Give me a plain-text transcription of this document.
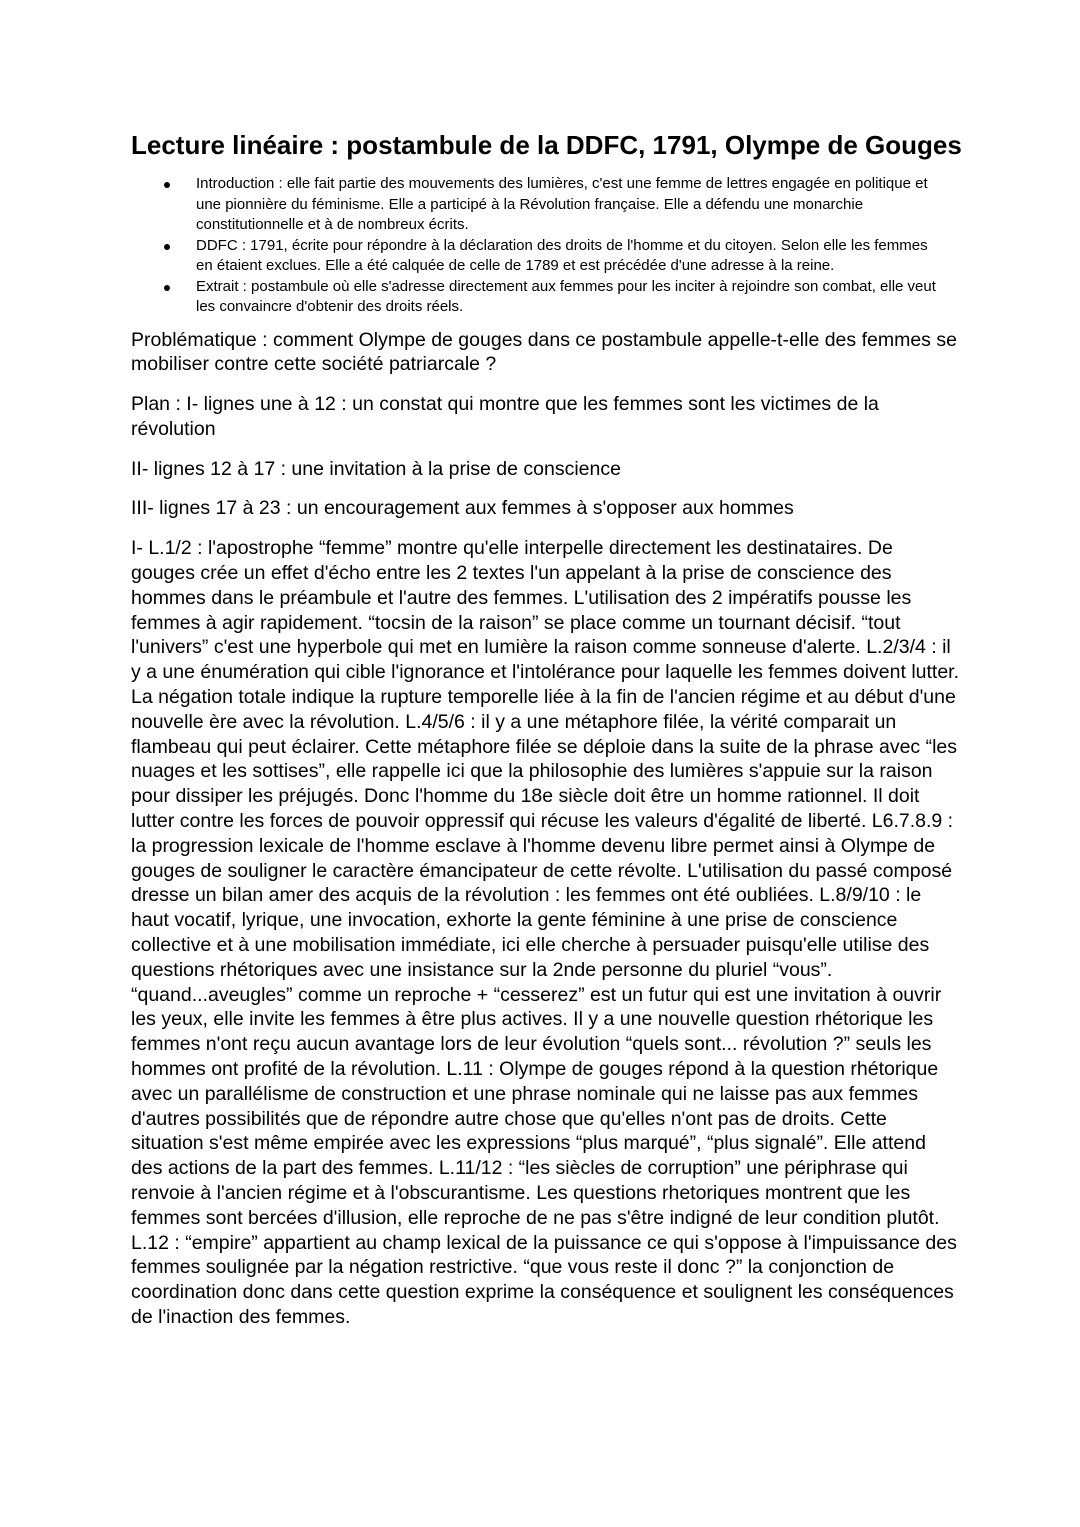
Lecture linéaire : postambule de la DDFC, 1791, Olympe de Gouges
Introduction : elle fait partie des mouvements des lumières, c'est une femme de lettres engagée en politique et une pionnière du féminisme. Elle a participé à la Révolution française. Elle a défendu une monarchie constitutionnelle et à de nombreux écrits.
DDFC : 1791, écrite pour répondre à la déclaration des droits de l'homme et du citoyen. Selon elle les femmes en étaient exclues. Elle a été calquée de celle de 1789 et est précédée d'une adresse à la reine.
Extrait : postambule où elle s'adresse directement aux femmes pour les inciter à rejoindre son combat, elle veut les convaincre d'obtenir des droits réels.

Problématique : comment Olympe de gouges dans ce postambule appelle-t-elle des femmes se mobiliser contre cette société patriarcale ?

Plan : I- lignes une à 12 : un constat qui montre que les femmes sont les victimes de la révolution

II- lignes 12 à 17 : une invitation à la prise de conscience

III- lignes 17 à 23 : un encouragement aux femmes à s'opposer aux hommes

I- L.1/2 : l'apostrophe “femme” montre qu'elle interpelle directement les destinataires. De gouges crée un effet d'écho entre les 2 textes l'un appelant à la prise de conscience des hommes dans le préambule et l'autre des femmes. L'utilisation des 2 impératifs pousse les femmes à agir rapidement. “tocsin de la raison” se place comme un tournant décisif. “tout l'univers” c'est une hyperbole qui met en lumière la raison comme sonneuse d'alerte. L.2/3/4 : il y a une énumération qui cible l'ignorance et l'intolérance pour laquelle les femmes doivent lutter. La négation totale indique la rupture temporelle liée à la fin de l'ancien régime et au début d'une nouvelle ère avec la révolution. L.4/5/6 : il y a une métaphore filée, la vérité comparait un flambeau qui peut éclairer. Cette métaphore filée se déploie dans la suite de la phrase avec “les nuages et les sottises”, elle rappelle ici que la philosophie des lumières s'appuie sur la raison pour dissiper les préjugés. Donc l'homme du 18e siècle doit être un homme rationnel. Il doit lutter contre les forces de pouvoir oppressif qui récuse les valeurs d'égalité de liberté. L6.7.8.9 : la progression lexicale de l'homme esclave à l'homme devenu libre permet ainsi à Olympe de gouges de souligner le caractère émancipateur de cette révolte. L'utilisation du passé composé dresse un bilan amer des acquis de la révolution : les femmes ont été oubliées. L.8/9/10 : le haut vocatif, lyrique, une invocation, exhorte la gente féminine à une prise de conscience collective et à une mobilisation immédiate, ici elle cherche à persuader puisqu'elle utilise des questions rhétoriques avec une insistance sur la 2nde personne du pluriel “vous”. “quand...aveugles” comme un reproche + “cesserez” est un futur qui est une invitation à ouvrir les yeux, elle invite les femmes à être plus actives. Il y a une nouvelle question rhétorique les femmes n'ont reçu aucun avantage lors de leur évolution “quels sont... révolution ?” seuls les hommes ont profité de la révolution. L.11 : Olympe de gouges répond à la question rhétorique avec un parallélisme de construction et une phrase nominale qui ne laisse pas aux femmes d'autres possibilités que de répondre autre chose que qu'elles n'ont pas de droits. Cette situation s'est même empirée avec les expressions “plus marqué”, “plus signalé”. Elle attend des actions de la part des femmes. L.11/12 : “les siècles de corruption” une périphrase qui renvoie à l'ancien régime et à l'obscurantisme. Les questions rhetoriques montrent que les femmes sont bercées d'illusion, elle reproche de ne pas s'être indigné de leur condition plutôt. L.12 : “empire” appartient au champ lexical de la puissance ce qui s'oppose à l'impuissance des femmes soulignée par la négation restrictive. “que vous reste il donc ?” la conjonction de coordination donc dans cette question exprime la conséquence et soulignent les conséquences de l'inaction des femmes.
